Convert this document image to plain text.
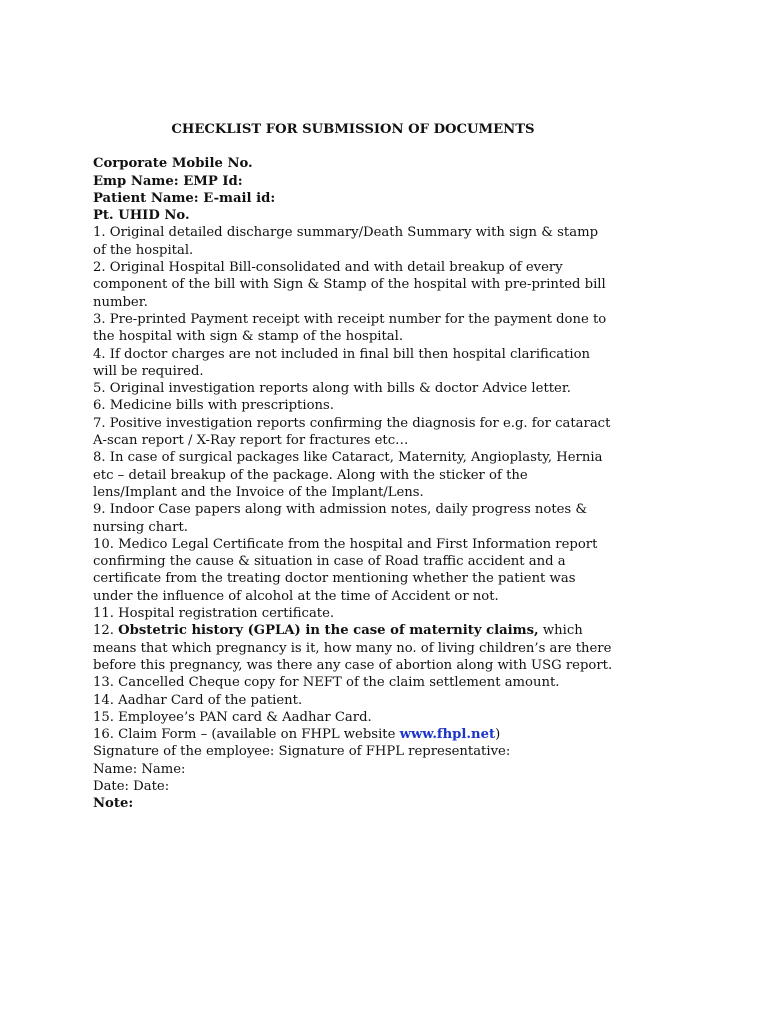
CHECKLIST FOR SUBMISSION OF DOCUMENTS
Corporate Mobile No.
Emp Name: EMP Id:
Patient Name: E-mail id:
Pt. UHID No.
1. Original detailed discharge summary/Death Summary with sign & stamp of the hospital.
2. Original Hospital Bill-consolidated and with detail breakup of every component of the bill with Sign & Stamp of the hospital with pre-printed bill number.
3. Pre-printed Payment receipt with receipt number for the payment done to the hospital with sign & stamp of the hospital.
4. If doctor charges are not included in final bill then hospital clarification will be required.
5. Original investigation reports along with bills & doctor Advice letter.
6. Medicine bills with prescriptions.
7. Positive investigation reports confirming the diagnosis for e.g. for cataract A-scan report / X-Ray report for fractures etc…
8. In case of surgical packages like Cataract, Maternity, Angioplasty, Hernia etc – detail breakup of the package. Along with the sticker of the lens/Implant and the Invoice of the Implant/Lens.
9. Indoor Case papers along with admission notes, daily progress notes & nursing chart.
10. Medico Legal Certificate from the hospital and First Information report confirming the cause & situation in case of Road traffic accident and a certificate from the treating doctor mentioning whether the patient was under the influence of alcohol at the time of Accident or not.
11. Hospital registration certificate.
12. Obstetric history (GPLA) in the case of maternity claims, which means that which pregnancy is it, how many no. of living children’s are there before this pregnancy, was there any case of abortion along with USG report.
13. Cancelled Cheque copy for NEFT of the claim settlement amount.
14. Aadhar Card of the patient.
15. Employee’s PAN card & Aadhar Card.
16. Claim Form – (available on FHPL website www.fhpl.net)
Signature of the employee: Signature of FHPL representative:
Name: Name:
Date: Date:
Note:
